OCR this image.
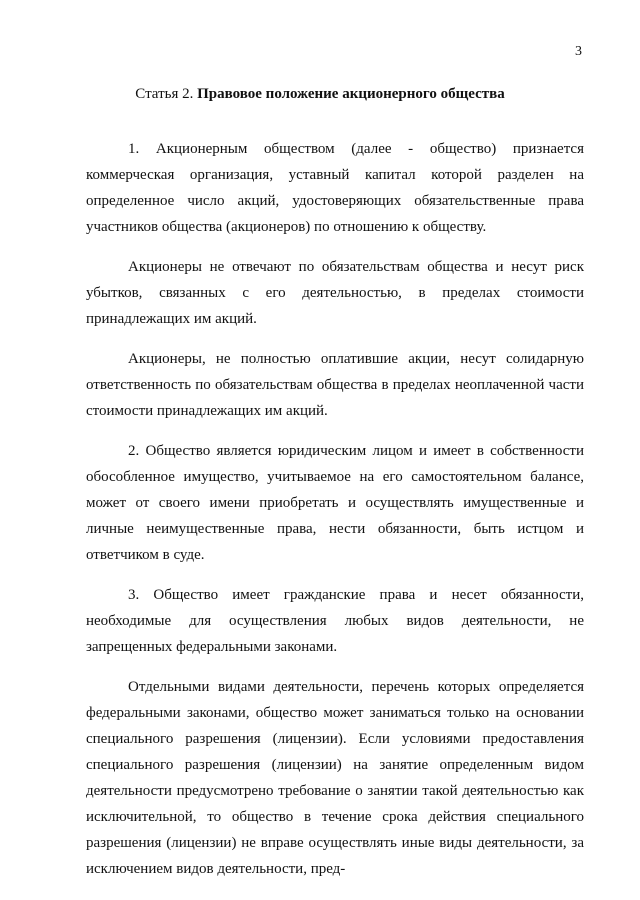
3
Статья 2. Правовое положение акционерного общества

1. Акционерным обществом (далее - общество) признается коммерческая организация, уставный капитал которой разделен на определенное число акций, удостоверяющих обязательственные права участников общества (акционеров) по отношению к обществу.

Акционеры не отвечают по обязательствам общества и несут риск убытков, связанных с его деятельностью, в пределах стоимости принадлежащих им акций.

Акционеры, не полностью оплатившие акции, несут солидарную ответственность по обязательствам общества в пределах неоплаченной части стоимости принадлежащих им акций.

2. Общество является юридическим лицом и имеет в собственности обособленное имущество, учитываемое на его самостоятельном балансе, может от своего имени приобретать и осуществлять имущественные и личные неимущественные права, нести обязанности, быть истцом и ответчиком в суде.

3. Общество имеет гражданские права и несет обязанности, необходимые для осуществления любых видов деятельности, не запрещенных федеральными законами.

Отдельными видами деятельности, перечень которых определяется федеральными законами, общество может заниматься только на основании специального разрешения (лицензии). Если условиями предоставления специального разрешения (лицензии) на занятие определенным видом деятельности предусмотрено требование о занятии такой деятельностью как исключительной, то общество в течение срока действия специального разрешения (лицензии) не вправе осуществлять иные виды деятельности, за исключением видов деятельности, пред-
